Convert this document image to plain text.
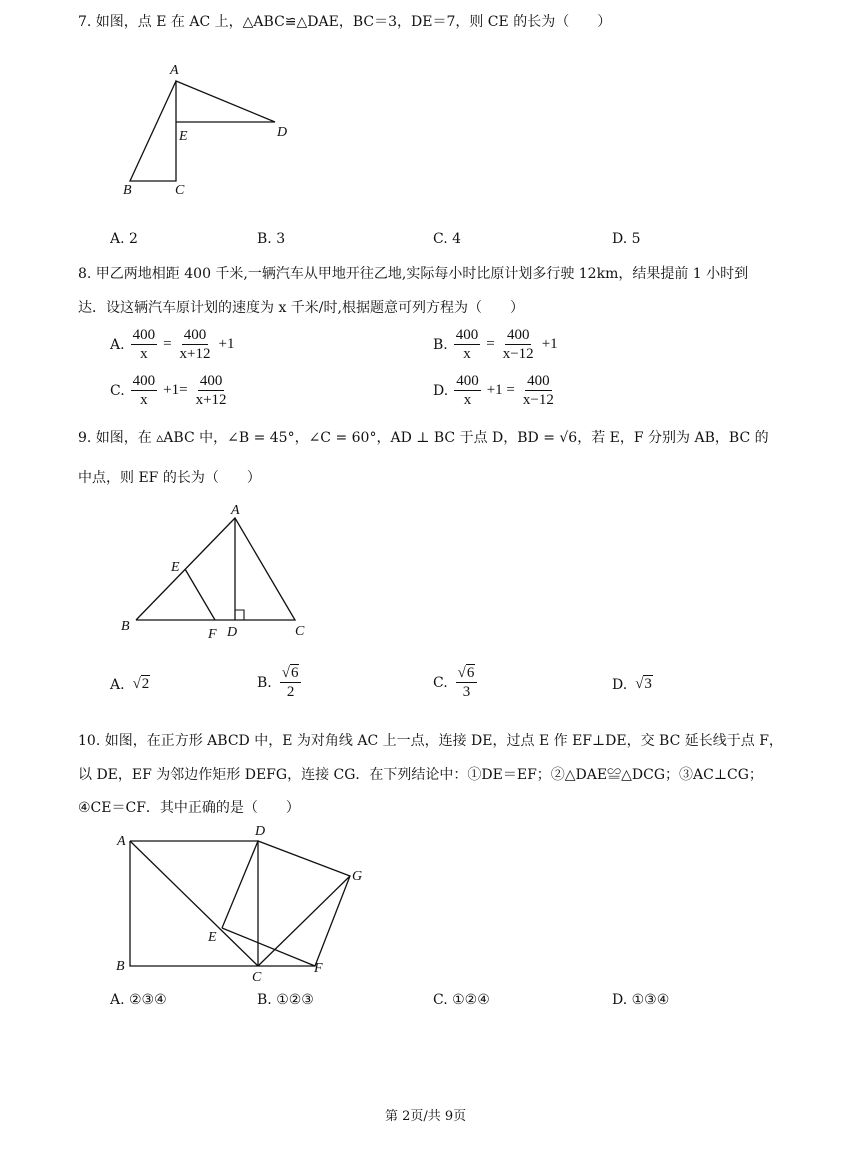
7. 如图，点 E 在 AC 上，△ABC≌△DAE，BC＝3，DE＝7，则 CE 的长为（　　）
A
E	D
B	C
A. 2	B. 3	C. 4	D. 5
8. 甲乙两地相距 400 千米,一辆汽车从甲地开往乙地,实际每小时比原计划多行驶 12km，结果提前 1 小时到
达．设这辆汽车原计划的速度为 x 千米/时,根据题意可列方程为（　　）
A. $\frac{400}{x} = \frac{400}{x+12} +1$	B. $\frac{400}{x} = \frac{400}{x-12} +1$
C. $\frac{400}{x} +1= \frac{400}{x+12}$	D. $\frac{400}{x} +1 = \frac{400}{x-12}$
9. 如图，在 ▵ABC 中，∠B = 45°，∠C = 60°，AD ⊥ BC 于点 D，BD = √6，若 E，F 分别为 AB，BC 的
中点，则 EF 的长为（　　）
A
E
B
F D	C
A. √2	B. $\frac{√6}{2}$	C. $\frac{√6}{3}$	D. √3
10. 如图，在正方形 ABCD 中，E 为对角线 AC 上一点，连接 DE，过点 E 作 EF⊥DE，交 BC 延长线于点 F，
以 DE，EF 为邻边作矩形 DEFG，连接 CG．在下列结论中：①DE＝EF；②△DAE≌△DCG；③AC⊥CG；
④CE＝CF．其中正确的是（　　）
A
D
G
E
B
C
F
A. ②③④	B. ①②③	C. ①②④	D. ①③④
第 2页/共 9页
